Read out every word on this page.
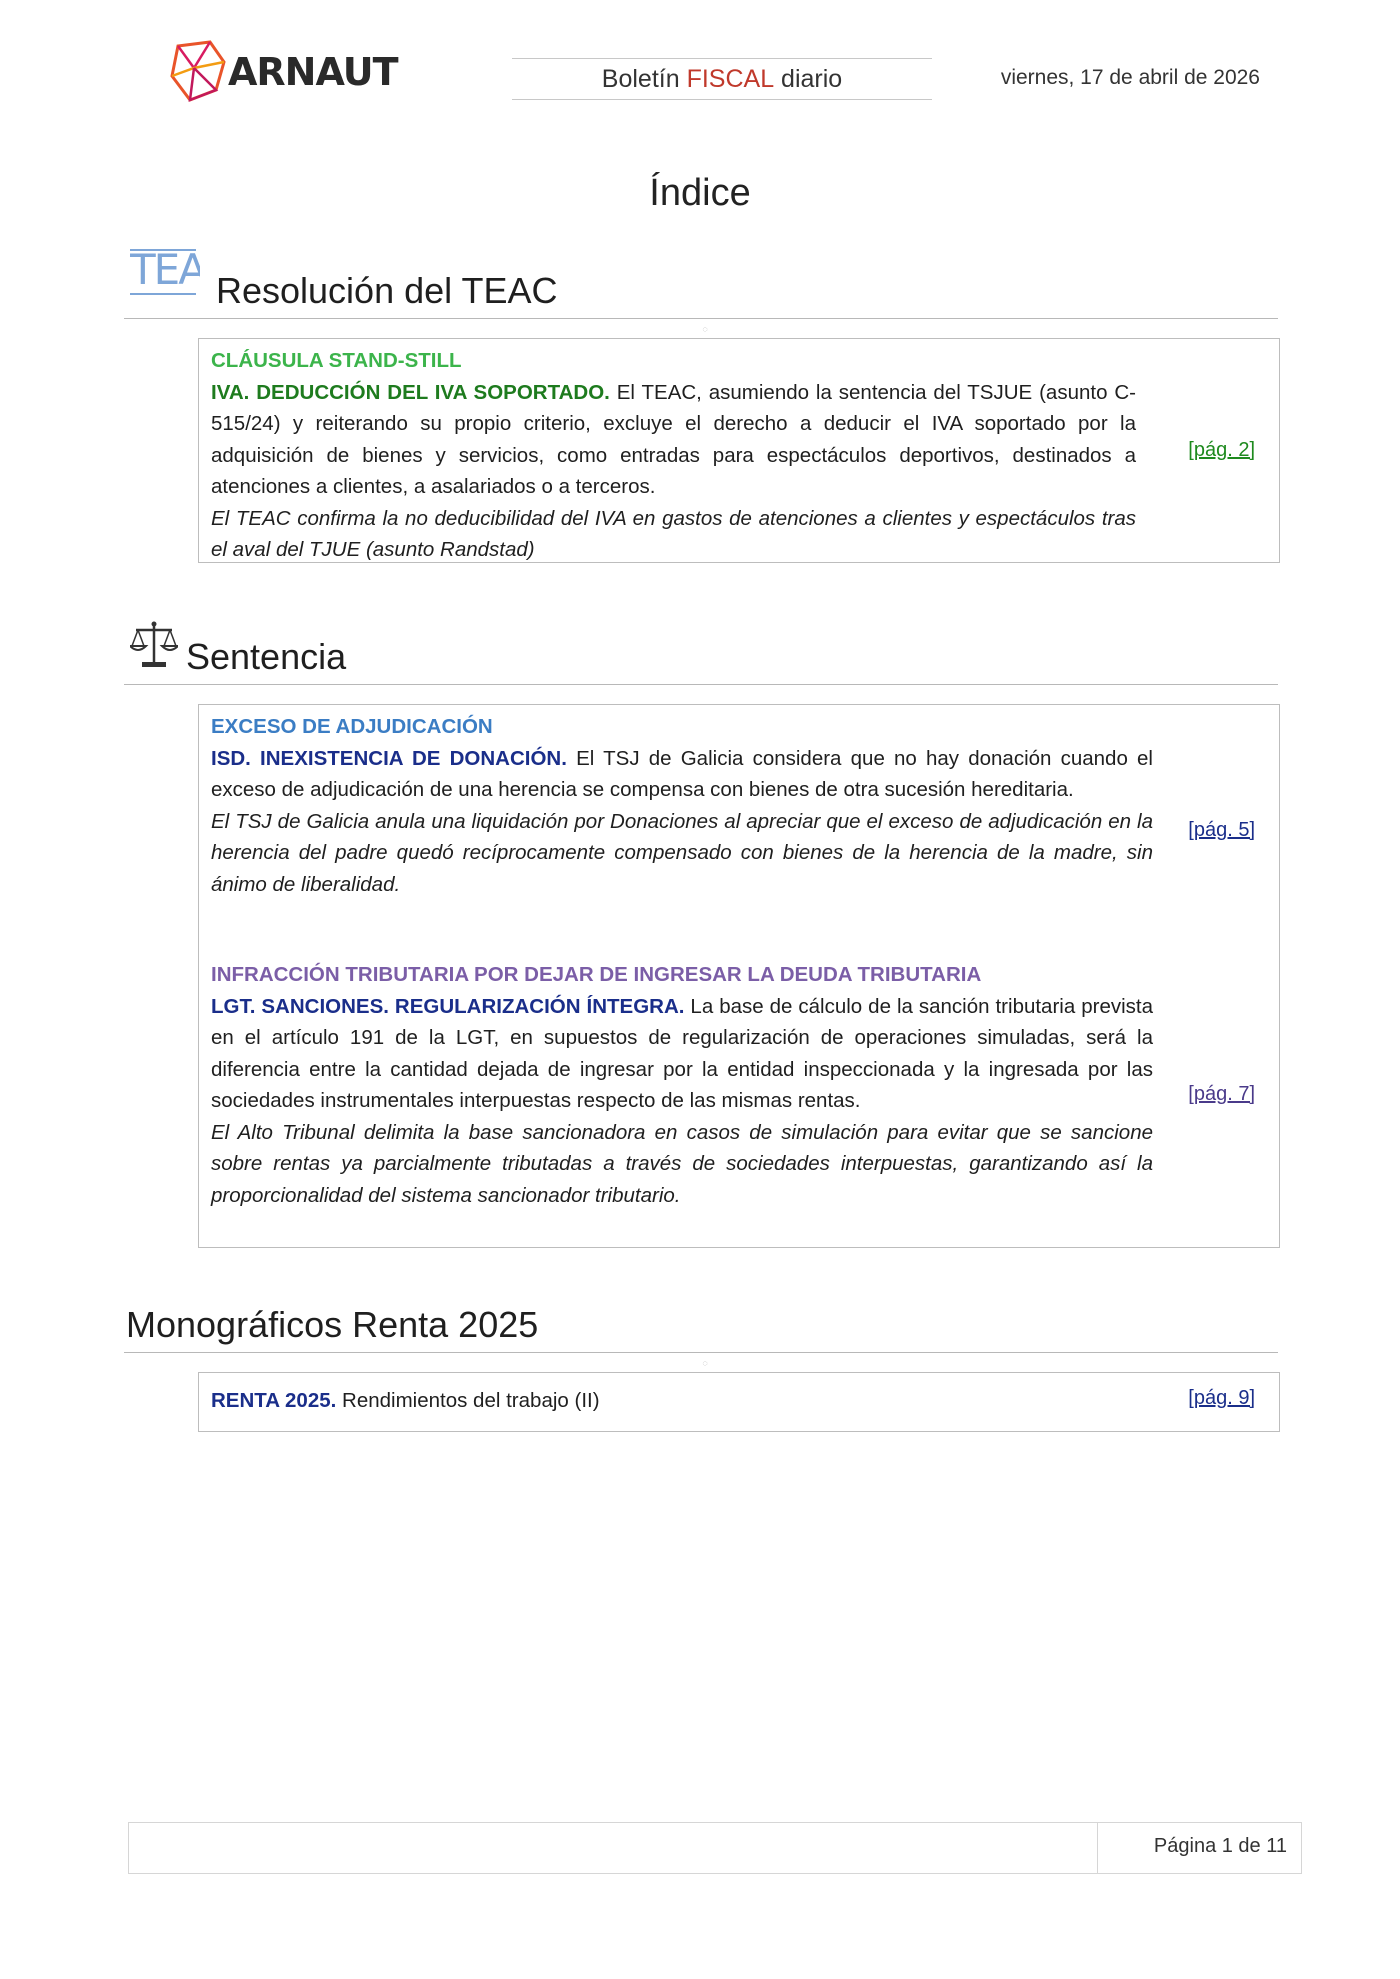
ARNAUT	Boletín FISCAL diario	viernes, 17 de abril de 2026
Índice
TEA Resolución del TEAC
◌
CLÁUSULA STAND-STILL
IVA. DEDUCCIÓN DEL IVA SOPORTADO. El TEAC, asumiendo la sentencia del TSJUE (asunto C-515/24) y reiterando su propio criterio, excluye el derecho a deducir el IVA soportado por la adquisición de bienes y servicios, como entradas para espectáculos deportivos, destinados a atenciones a clientes, a asalariados o a terceros.
El TEAC confirma la no deducibilidad del IVA en gastos de atenciones a clientes y espectáculos tras el aval del TJUE (asunto Randstad)
[pág. 2]
Sentencia
EXCESO DE ADJUDICACIÓN
ISD. INEXISTENCIA DE DONACIÓN. El TSJ de Galicia considera que no hay donación cuando el exceso de adjudicación de una herencia se compensa con bienes de otra sucesión hereditaria.
El TSJ de Galicia anula una liquidación por Donaciones al apreciar que el exceso de adjudicación en la herencia del padre quedó recíprocamente compensado con bienes de la herencia de la madre, sin ánimo de liberalidad.
[pág. 5]
INFRACCIÓN TRIBUTARIA POR DEJAR DE INGRESAR LA DEUDA TRIBUTARIA
LGT. SANCIONES. REGULARIZACIÓN ÍNTEGRA. La base de cálculo de la sanción tributaria prevista en el artículo 191 de la LGT, en supuestos de regularización de operaciones simuladas, será la diferencia entre la cantidad dejada de ingresar por la entidad inspeccionada y la ingresada por las sociedades instrumentales interpuestas respecto de las mismas rentas.
El Alto Tribunal delimita la base sancionadora en casos de simulación para evitar que se sancione sobre rentas ya parcialmente tributadas a través de sociedades interpuestas, garantizando así la proporcionalidad del sistema sancionador tributario.
[pág. 7]
Monográficos Renta 2025
◌
RENTA 2025. Rendimientos del trabajo (II)	[pág. 9]
Página 1 de 11
